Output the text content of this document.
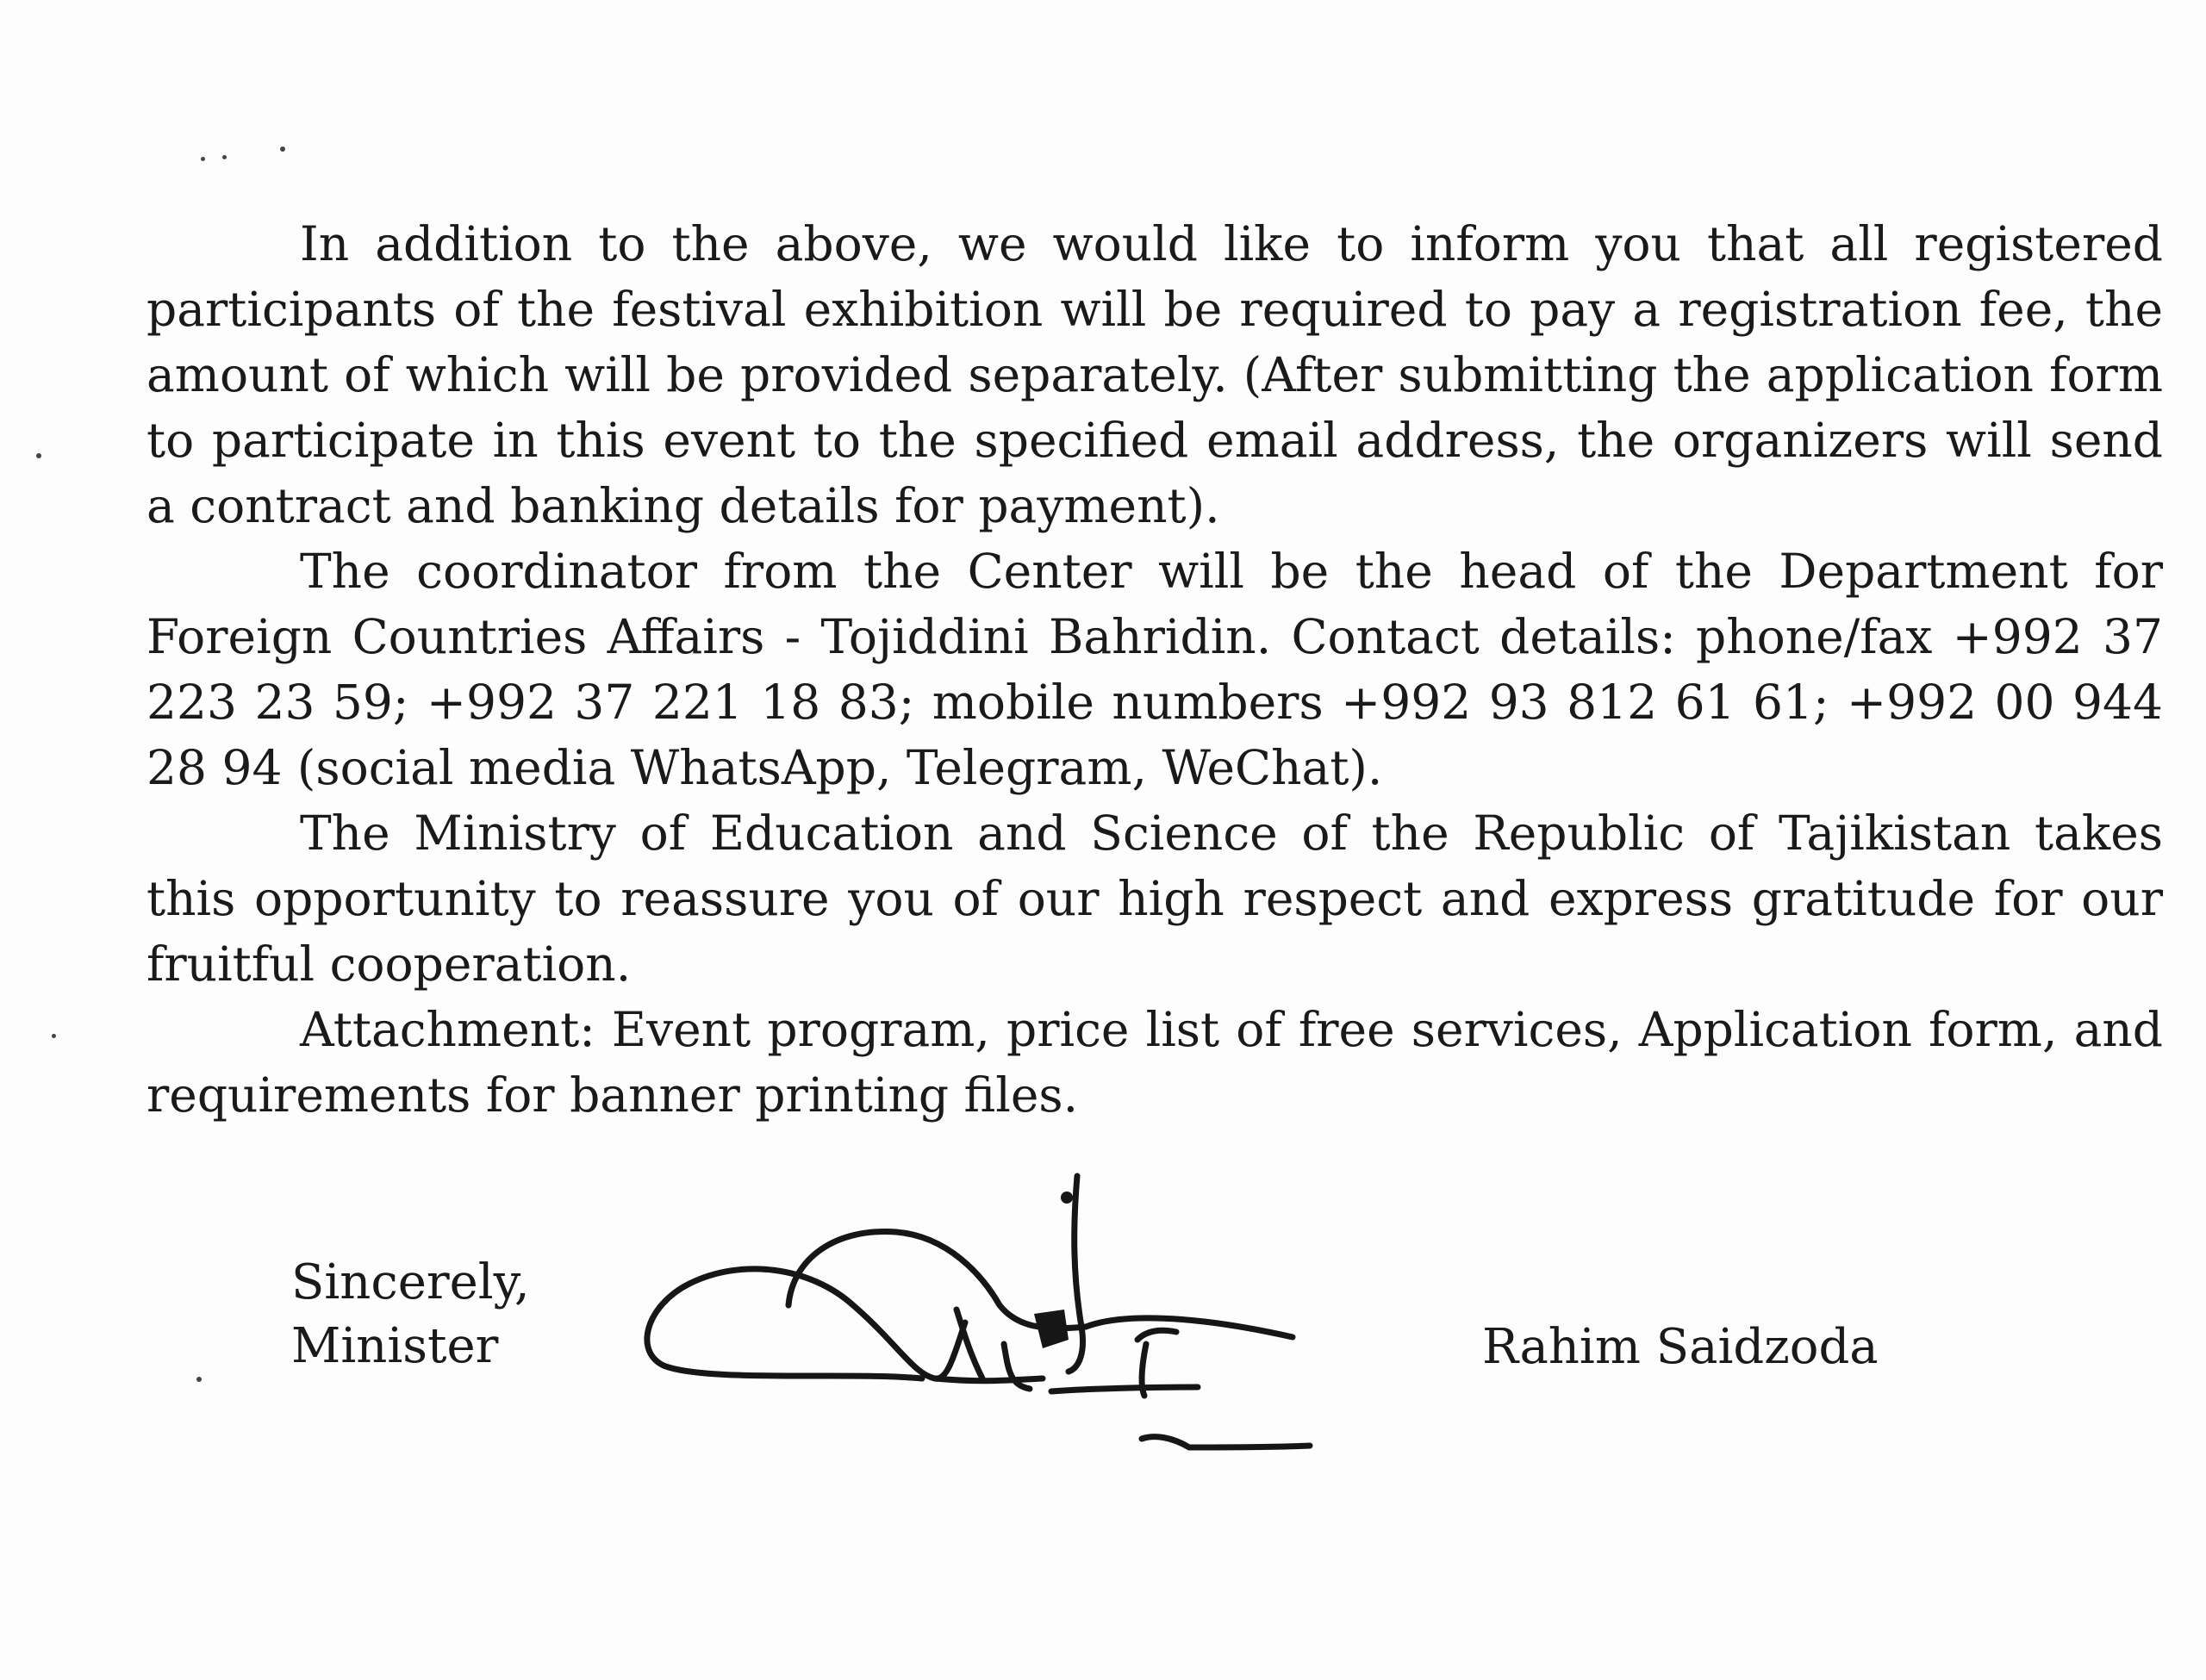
In addition to the above, we would like to inform you that all registered participants of the festival exhibition will be required to pay a registration fee, the amount of which will be provided separately. (After submitting the application form to participate in this event to the specified email address, the organizers will send a contract and banking details for payment).

The coordinator from the Center will be the head of the Department for Foreign Countries Affairs - Tojiddini Bahridin. Contact details: phone/fax +992 37 223 23 59; +992 37 221 18 83; mobile numbers +992 93 812 61 61; +992 00 944 28 94 (social media WhatsApp, Telegram, WeChat).

The Ministry of Education and Science of the Republic of Tajikistan takes this opportunity to reassure you of our high respect and express gratitude for our fruitful cooperation.

Attachment: Event program, price list of free services, Application form, and requirements for banner printing files.

Sincerely,
Minister	Rahim Saidzoda
